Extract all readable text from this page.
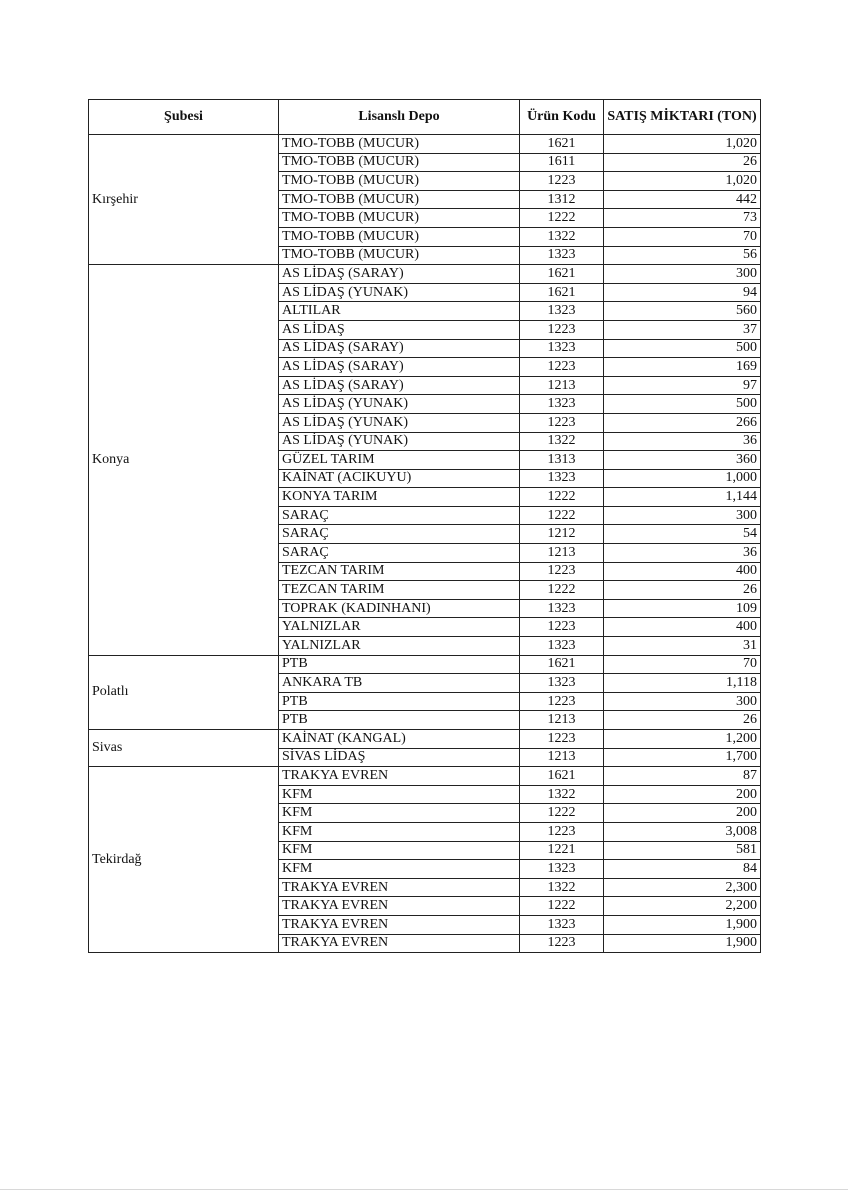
Şubesi	Lisanslı Depo	Ürün Kodu	SATIŞ MİKTARI (TON)
Kırşehir	TMO-TOBB (MUCUR)	1621	1,020
	TMO-TOBB (MUCUR)	1611	26
	TMO-TOBB (MUCUR)	1223	1,020
	TMO-TOBB (MUCUR)	1312	442
	TMO-TOBB (MUCUR)	1222	73
	TMO-TOBB (MUCUR)	1322	70
	TMO-TOBB (MUCUR)	1323	56
Konya	AS LİDAŞ (SARAY)	1621	300
	AS LİDAŞ (YUNAK)	1621	94
	ALTILAR	1323	560
	AS LİDAŞ	1223	37
	AS LİDAŞ (SARAY)	1323	500
	AS LİDAŞ (SARAY)	1223	169
	AS LİDAŞ (SARAY)	1213	97
	AS LİDAŞ (YUNAK)	1323	500
	AS LİDAŞ (YUNAK)	1223	266
	AS LİDAŞ (YUNAK)	1322	36
	GÜZEL TARIM	1313	360
	KAİNAT (ACIKUYU)	1323	1,000
	KONYA TARIM	1222	1,144
	SARAÇ	1222	300
	SARAÇ	1212	54
	SARAÇ	1213	36
	TEZCAN TARIM	1223	400
	TEZCAN TARIM	1222	26
	TOPRAK (KADINHANI)	1323	109
	YALNIZLAR	1223	400
	YALNIZLAR	1323	31
Polatlı	PTB	1621	70
	ANKARA TB	1323	1,118
	PTB	1223	300
	PTB	1213	26
Sivas	KAİNAT (KANGAL)	1223	1,200
	SİVAS LİDAŞ	1213	1,700
Tekirdağ	TRAKYA EVREN	1621	87
	KFM	1322	200
	KFM	1222	200
	KFM	1223	3,008
	KFM	1221	581
	KFM	1323	84
	TRAKYA EVREN	1322	2,300
	TRAKYA EVREN	1222	2,200
	TRAKYA EVREN	1323	1,900
	TRAKYA EVREN	1223	1,900
